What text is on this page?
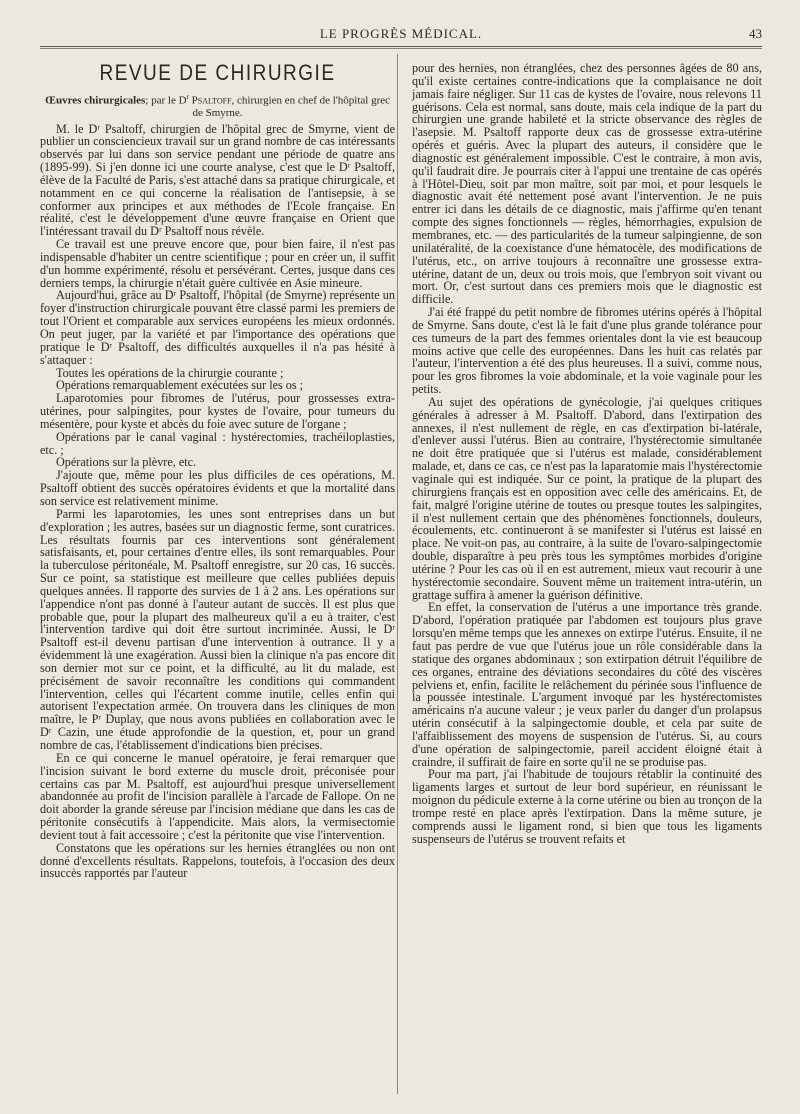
LE PROGRÈS MÉDICAL.	43
REVUE DE CHIRURGIE
Œuvres chirurgicales; par le $D^r$ Psaltoff, chirurgien en chef de l'hôpital grec de Smyrne.

M. le Dʳ Psaltoff, chirurgien de l'hôpital grec de Smyrne, vient de publier un consciencieux travail sur un grand nombre de cas intéressants observés par lui dans son service pendant une période de quatre ans (1895-99). Si j'en donne ici une courte analyse, c'est que le Dʳ Psaltoff, élève de la Faculté de Paris, s'est attaché dans sa pratique chirurgicale, et notamment en ce qui concerne la réalisation de l'antisepsie, à se conformer aux principes et aux méthodes de l'Ecole française. En réalité, c'est le développement d'une œuvre française en Orient que l'intéressant travail du Dʳ Psaltoff nous révèle.

Ce travail est une preuve encore que, pour bien faire, il n'est pas indispensable d'habiter un centre scientifique ; pour en créer un, il suffit d'un homme expérimenté, résolu et persévérant. Certes, jusque dans ces derniers temps, la chirurgie n'était guère cultivée en Asie mineure.

Aujourd'hui, grâce au Dʳ Psaltoff, l'hôpital (de Smyrne) représente un foyer d'instruction chirurgicale pouvant être classé parmi les premiers de tout l'Orient et comparable aux services européens les mieux ordonnés. On peut juger, par la variété et par l'importance des opérations que pratique le Dʳ Psaltoff, des difficultés auxquelles il n'a pas hésité à s'attaquer :

Toutes les opérations de la chirurgie courante ;

Opérations remarquablement exécutées sur les os ;

Laparotomies pour fibromes de l'utérus, pour grossesses extra-utérines, pour salpingites, pour kystes de l'ovaire, pour tumeurs du mésentère, pour kyste et abcès du foie avec suture de l'organe ;

Opérations par le canal vaginal : hystérectomies, trachéiloplasties, etc. ;

Opérations sur la plèvre, etc.

J'ajoute que, même pour les plus difficiles de ces opérations, M. Psaltoff obtient des succès opératoires évidents et que la mortalité dans son service est relativement minime.

Parmi les laparotomies, les unes sont entreprises dans un but d'exploration ; les autres, basées sur un diagnostic ferme, sont curatrices. Les résultats fournis par ces interventions sont généralement satisfaisants, et, pour certaines d'entre elles, ils sont remarquables. Pour la tuberculose péritonéale, M. Psaltoff enregistre, sur 20 cas, 16 succès. Sur ce point, sa statistique est meilleure que celles publiées depuis quelques années. Il rapporte des survies de 1 à 2 ans. Les opérations sur l'appendice n'ont pas donné à l'auteur autant de succès. Il est plus que probable que, pour la plupart des malheureux qu'il a eu à traiter, c'est l'intervention tardive qui doit être surtout incriminée. Aussi, le Dʳ Psaltoff est-il devenu partisan d'une intervention à outrance. Il y a évidemment là une exagération. Aussi bien la clinique n'a pas encore dit son dernier mot sur ce point, et la difficulté, au lit du malade, est précisément de savoir reconnaître les conditions qui commandent l'intervention, celles qui l'écartent comme inutile, celles enfin qui autorisent l'expectation armée. On trouvera dans les cliniques de mon maître, le Pʳ Duplay, que nous avons publiées en collaboration avec le Dʳ Cazin, une étude approfondie de la question, et, pour un grand nombre de cas, l'établissement d'indications bien précises.

En ce qui concerne le manuel opératoire, je ferai remarquer que l'incision suivant le bord externe du muscle droit, préconisée pour certains cas par M. Psaltoff, est aujourd'hui presque universellement abandonnée au profit de l'incision parallèle à l'arcade de Fallope. On ne doit aborder la grande séreuse par l'incision médiane que dans les cas de péritonite consécutifs à l'appendicite. Mais alors, la vermisectomie devient tout à fait accessoire ; c'est la péritonite que vise l'intervention.

Constatons que les opérations sur les hernies étranglées ou non ont donné d'excellents résultats. Rappelons, toutefois, à l'occasion des deux insuccès rapportés par l'auteur

pour des hernies, non étranglées, chez des personnes âgées de 80 ans, qu'il existe certaines contre-indications que la complaisance ne doit jamais faire négliger. Sur 11 cas de kystes de l'ovaire, nous relevons 11 guérisons. Cela est normal, sans doute, mais cela indique de la part du chirurgien une grande habileté et la stricte observance des règles de l'asepsie. M. Psaltoff rapporte deux cas de grossesse extra-utérine opérés et guéris. Avec la plupart des auteurs, il considère que le diagnostic est généralement impossible. C'est le contraire, à mon avis, qu'il faudrait dire. Je pourrais citer à l'appui une trentaine de cas opérés à l'Hôtel-Dieu, soit par mon maître, soit par moi, et pour lesquels le diagnostic avait été nettement posé avant l'intervention. Je ne puis entrer ici dans les détails de ce diagnostic, mais j'affirme qu'en tenant compte des signes fonctionnels — règles, hémorrhagies, expulsion de membranes, etc. — des particularités de la tumeur salpingienne, de son unilatéralité, de la coexistance d'une hématocèle, des modifications de l'utérus, etc., on arrive toujours à reconnaître une grossesse extra-utérine, datant de un, deux ou trois mois, que l'embryon soit vivant ou mort. Or, c'est surtout dans ces premiers mois que le diagnostic est difficile.

J'ai été frappé du petit nombre de fibromes utérins opérés à l'hôpital de Smyrne. Sans doute, c'est là le fait d'une plus grande tolérance pour ces tumeurs de la part des femmes orientales dont la vie est beaucoup moins active que celle des européennes. Dans les huit cas relatés par l'auteur, l'intervention a été des plus heureuses. Il a suivi, comme nous, pour les gros fibromes la voie abdominale, et la voie vaginale pour les petits.

Au sujet des opérations de gynécologie, j'ai quelques critiques générales à adresser à M. Psaltoff. D'abord, dans l'extirpation des annexes, il n'est nullement de règle, en cas d'extirpation bi-latérale, d'enlever aussi l'utérus. Bien au contraire, l'hystérectomie simultanée ne doit être pratiquée que si l'utérus est malade, considérablement malade, et, dans ce cas, ce n'est pas la laparatomie mais l'hystérectomie vaginale qui est indiquée. Sur ce point, la pratique de la plupart des chirurgiens français est en opposition avec celle des américains. Et, de fait, malgré l'origine utérine de toutes ou presque toutes les salpingites, il n'est nullement certain que des phénomènes fonctionnels, douleurs, écoulements, etc. continueront à se manifester si l'utérus est laissé en place. Ne voit-on pas, au contraire, à la suite de l'ovaro-salpingectomie double, disparaître à peu près tous les symptômes morbides d'origine utérine ? Pour les cas où il en est autrement, mieux vaut recourir à une hystérectomie secondaire. Souvent même un traitement intra-utérin, un grattage suffira à amener la guérison définitive.

En effet, la conservation de l'utérus a une importance très grande. D'abord, l'opération pratiquée par l'abdomen est toujours plus grave lorsqu'en même temps que les annexes on extirpe l'utérus. Ensuite, il ne faut pas perdre de vue que l'utérus joue un rôle considérable dans la statique des organes abdominaux ; son extirpation détruit l'équilibre de ces organes, entraine des déviations secondaires du côté des viscères pelviens et, enfin, facilite le relâchement du périnée sous l'influence de la poussée intestinale. L'argument invoqué par les hystérectomistes américains n'a aucune valeur ; je veux parler du danger d'un prolapsus utérin consécutif à la salpingectomie double, et cela par suite de l'affaiblissement des moyens de suspension de l'utérus. Si, au cours d'une opération de salpingectomie, pareil accident éloigné était à craindre, il suffirait de faire en sorte qu'il ne se produise pas.

Pour ma part, j'ai l'habitude de toujours rétablir la continuité des ligaments larges et surtout de leur bord supérieur, en réunissant le moignon du pédicule externe à la corne utérine ou bien au tronçon de la trompe resté en place après l'extirpation. Dans la même suture, je comprends aussi le ligament rond, si bien que tous les ligaments suspenseurs de l'utérus se trouvent refaits et
